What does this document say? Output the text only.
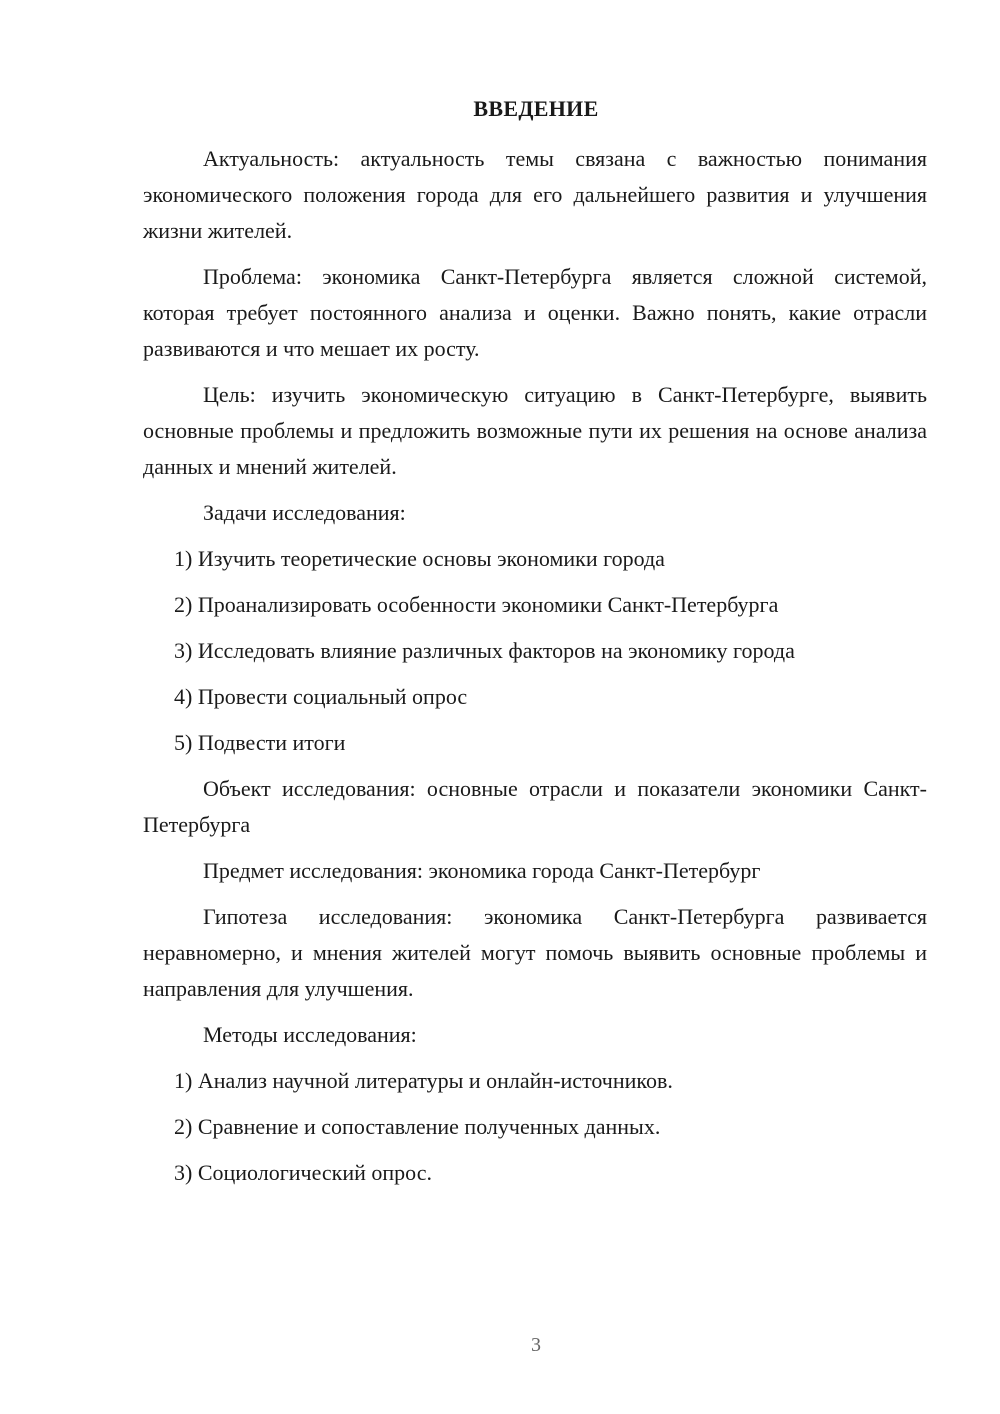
ВВЕДЕНИЕ

Актуальность: актуальность темы связана с важностью понимания экономического положения города для его дальнейшего развития и улучшения жизни жителей.

Проблема: экономика Санкт-Петербурга является сложной системой, которая требует постоянного анализа и оценки. Важно понять, какие отрасли развиваются и что мешает их росту.

Цель: изучить экономическую ситуацию в Санкт-Петербурге, выявить основные проблемы и предложить возможные пути их решения на основе анализа данных и мнений жителей.

Задачи исследования:

1) Изучить теоретические основы экономики города

2) Проанализировать особенности экономики Санкт-Петербурга

3) Исследовать влияние различных факторов на экономику города

4) Провести социальный опрос

5) Подвести итоги

Объект исследования: основные отрасли и показатели экономики Санкт-Петербурга

Предмет исследования: экономика города Санкт-Петербург

Гипотеза исследования: экономика Санкт-Петербурга развивается неравномерно, и мнения жителей могут помочь выявить основные проблемы и направления для улучшения.

Методы исследования:

1) Анализ научной литературы и онлайн-источников.

2) Сравнение и сопоставление полученных данных.

3) Социологический опрос.

3
